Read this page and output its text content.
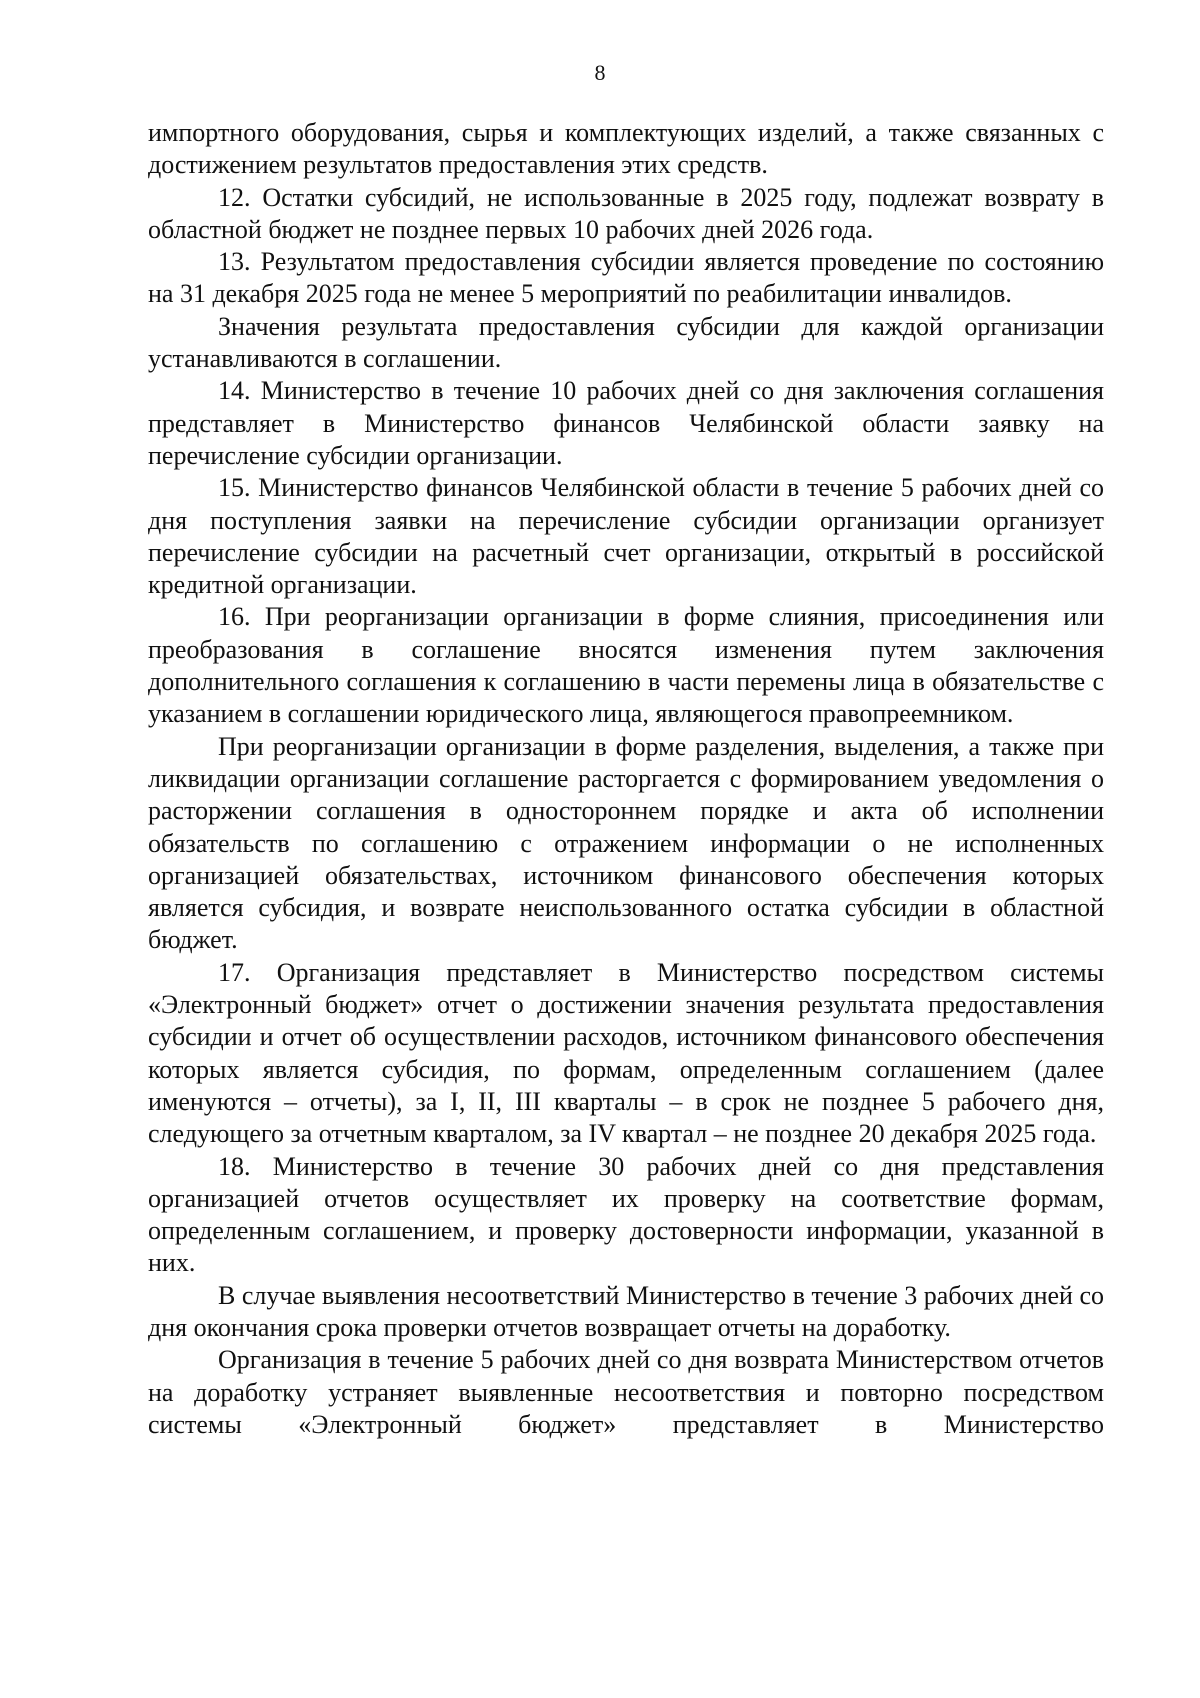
8

импортного оборудования, сырья и комплектующих изделий, а также связанных с достижением результатов предоставления этих средств.

12. Остатки субсидий, не использованные в 2025 году, подлежат возврату в областной бюджет не позднее первых 10 рабочих дней 2026 года.

13. Результатом предоставления субсидии является проведение по состоянию на 31 декабря 2025 года не менее 5 мероприятий по реабилитации инвалидов.

Значения результата предоставления субсидии для каждой организации устанавливаются в соглашении.

14. Министерство в течение 10 рабочих дней со дня заключения соглашения представляет в Министерство финансов Челябинской области заявку на перечисление субсидии организации.

15. Министерство финансов Челябинской области в течение 5 рабочих дней со дня поступления заявки на перечисление субсидии организации организует перечисление субсидии на расчетный счет организации, открытый в российской кредитной организации.

16. При реорганизации организации в форме слияния, присоединения или преобразования в соглашение вносятся изменения путем заключения дополнительного соглашения к соглашению в части перемены лица в обязательстве с указанием в соглашении юридического лица, являющегося правопреемником.

При реорганизации организации в форме разделения, выделения, а также при ликвидации организации соглашение расторгается с формированием уведомления о расторжении соглашения в одностороннем порядке и акта об исполнении обязательств по соглашению с отражением информации о не исполненных организацией обязательствах, источником финансового обеспечения которых является субсидия, и возврате неиспользованного остатка субсидии в областной бюджет.

17. Организация представляет в Министерство посредством системы «Электронный бюджет» отчет о достижении значения результата предоставления субсидии и отчет об осуществлении расходов, источником финансового обеспечения которых является субсидия, по формам, определенным соглашением (далее именуются – отчеты), за I, II, III кварталы – в срок не позднее 5 рабочего дня, следующего за отчетным кварталом, за IV квартал – не позднее 20 декабря 2025 года.

18. Министерство в течение 30 рабочих дней со дня представления организацией отчетов осуществляет их проверку на соответствие формам, определенным соглашением, и проверку достоверности информации, указанной в них.

В случае выявления несоответствий Министерство в течение 3 рабочих дней со дня окончания срока проверки отчетов возвращает отчеты на доработку.

Организация в течение 5 рабочих дней со дня возврата Министерством отчетов на доработку устраняет выявленные несоответствия и повторно посредством системы «Электронный бюджет» представляет в Министерство
